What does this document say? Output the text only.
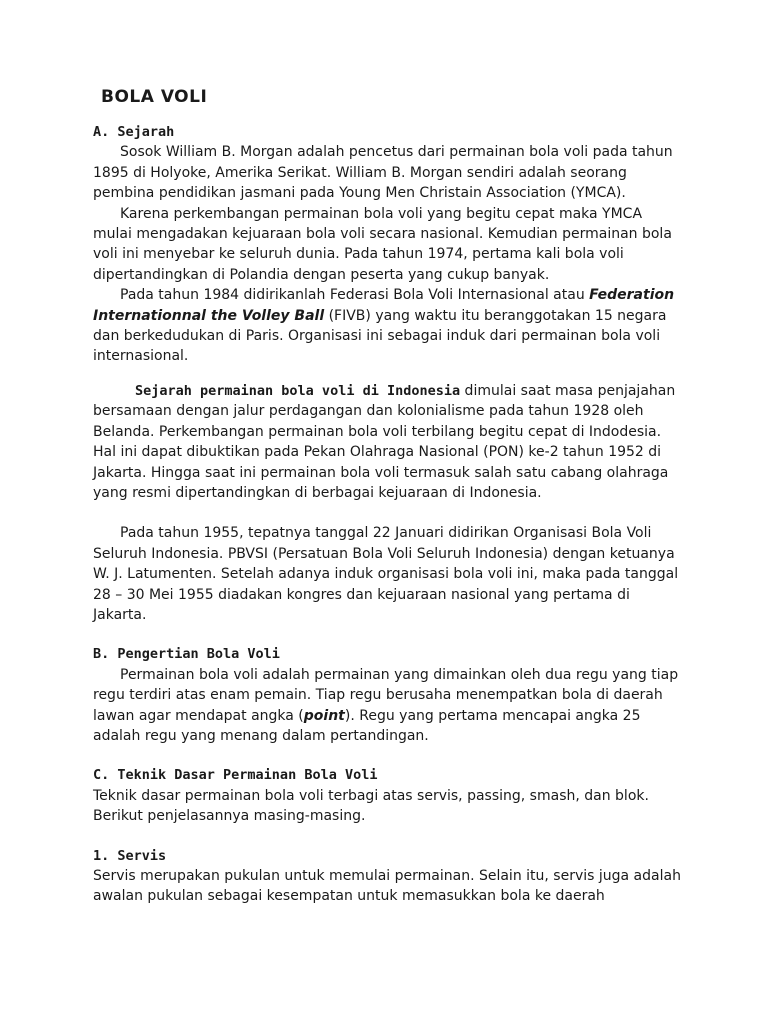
BOLA VOLI
A. Sejarah

Sosok William B. Morgan adalah pencetus dari permainan bola voli pada tahun 1895 di Holyoke, Amerika Serikat. William B. Morgan sendiri adalah seorang pembina pendidikan jasmani pada Young Men Christain Association (YMCA).

Karena perkembangan permainan bola voli yang begitu cepat maka YMCA mulai mengadakan kejuaraan bola voli secara nasional. Kemudian permainan bola voli ini menyebar ke seluruh dunia. Pada tahun 1974, pertama kali bola voli dipertandingkan di Polandia dengan peserta yang cukup banyak.

Pada tahun 1984 didirikanlah Federasi Bola Voli Internasional atau Federation Internationnal the Volley Ball (FIVB) yang waktu itu beranggotakan 15 negara dan berkedudukan di Paris. Organisasi ini sebagai induk dari permainan bola voli internasional.

Sejarah permainan bola voli di Indonesia dimulai saat masa penjajahan bersamaan dengan jalur perdagangan dan kolonialisme pada tahun 1928 oleh Belanda. Perkembangan permainan bola voli terbilang begitu cepat di Indodesia. Hal ini dapat dibuktikan pada Pekan Olahraga Nasional (PON) ke-2 tahun 1952 di Jakarta. Hingga saat ini permainan bola voli termasuk salah satu cabang olahraga yang resmi dipertandingkan di berbagai kejuaraan di Indonesia.

Pada tahun 1955, tepatnya tanggal 22 Januari didirikan Organisasi Bola Voli Seluruh Indonesia. PBVSI (Persatuan Bola Voli Seluruh Indonesia) dengan ketuanya W. J. Latumenten. Setelah adanya induk organisasi bola voli ini, maka pada tanggal 28 – 30 Mei 1955 diadakan kongres dan kejuaraan nasional yang pertama di Jakarta.

B. Pengertian Bola Voli

Permainan bola voli adalah permainan yang dimainkan oleh dua regu yang tiap regu terdiri atas enam pemain. Tiap regu berusaha menempatkan bola di daerah lawan agar mendapat angka (point). Regu yang pertama mencapai angka 25 adalah regu yang menang dalam pertandingan.

C. Teknik Dasar Permainan Bola Voli

Teknik dasar permainan bola voli terbagi atas servis, passing, smash, dan blok. Berikut penjelasannya masing-masing.

1. Servis

Servis merupakan pukulan untuk memulai permainan. Selain itu, servis juga adalah awalan pukulan sebagai kesempatan untuk memasukkan bola ke daerah
